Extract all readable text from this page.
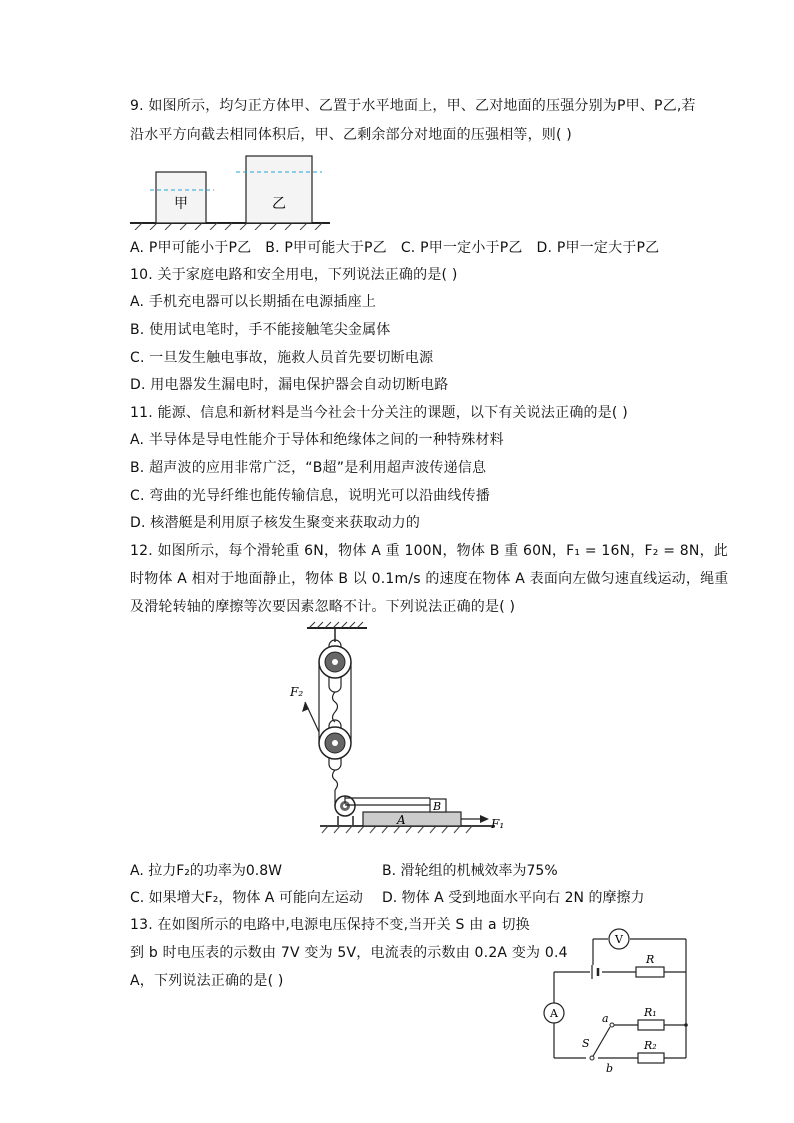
9. 如图所示，均匀正方体甲、乙置于水平地面上，甲、乙对地面的压强分别为P甲、P乙,若
沿水平方向截去相同体积后，甲、乙剩余部分对地面的压强相等，则( )
甲	乙
A. P甲可能小于P乙 B. P甲可能大于P乙 C. P甲一定小于P乙 D. P甲一定大于P乙
10. 关于家庭电路和安全用电，下列说法正确的是( )
A. 手机充电器可以长期插在电源插座上
B. 使用试电笔时，手不能接触笔尖金属体
C. 一旦发生触电事故，施救人员首先要切断电源
D. 用电器发生漏电时，漏电保护器会自动切断电路
11. 能源、信息和新材料是当今社会十分关注的课题，以下有关说法正确的是( )
A. 半导体是导电性能介于导体和绝缘体之间的一种特殊材料
B. 超声波的应用非常广泛，“B超”是利用超声波传递信息
C. 弯曲的光导纤维也能传输信息，说明光可以沿曲线传播
D. 核潜艇是利用原子核发生聚变来获取动力的
12. 如图所示，每个滑轮重 6N，物体 A 重 100N，物体 B 重 60N，F₁ = 16N，F₂ = 8N，此
时物体 A 相对于地面静止，物体 B 以 0.1m/s 的速度在物体 A 表面向左做匀速直线运动，绳重
及滑轮转轴的摩擦等次要因素忽略不计。下列说法正确的是( )
F₂
A
B
F₁
A. 拉力F₂的功率为0.8W	B. 滑轮组的机械效率为75%
C. 如果增大F₂，物体 A 可能向左运动 D. 物体 A 受到地面水平向右 2N 的摩擦力
13. 在如图所示的电路中,电源电压保持不变,当开关 S 由 a 切换
到 b 时电压表的示数由 7V 变为 5V，电流表的示数由 0.2A 变为 0.4
A，下列说法正确的是( )
V
R
A
S
a	R₁
R₂
b
